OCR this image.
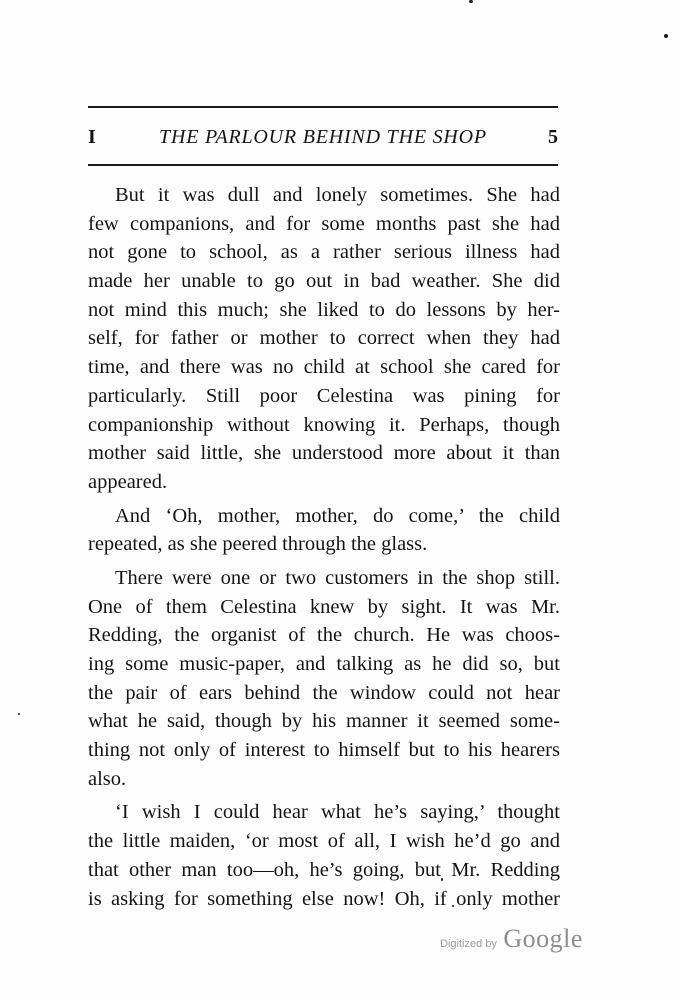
I	THE PARLOUR BEHIND THE SHOP	5
But it was dull and lonely sometimes. She had
few companions, and for some months past she had
not gone to school, as a rather serious illness had
made her unable to go out in bad weather. She did
not mind this much; she liked to do lessons by her-
self, for father or mother to correct when they had
time, and there was no child at school she cared for
particularly. Still poor Celestina was pining for
companionship without knowing it. Perhaps, though
mother said little, she understood more about it than
appeared.
And ‘Oh, mother, mother, do come,’ the child
repeated, as she peered through the glass.
There were one or two customers in the shop still.
One of them Celestina knew by sight. It was Mr.
Redding, the organist of the church. He was choos-
ing some music-paper, and talking as he did so, but
the pair of ears behind the window could not hear
what he said, though by his manner it seemed some-
thing not only of interest to himself but to his hearers
also.
‘I wish I could hear what he’s saying,’ thought
the little maiden, ‘or most of all, I wish he’d go and
that other man too—oh, he’s going, but Mr. Redding
is asking for something else now! Oh, if only mother
Digitized by Google
